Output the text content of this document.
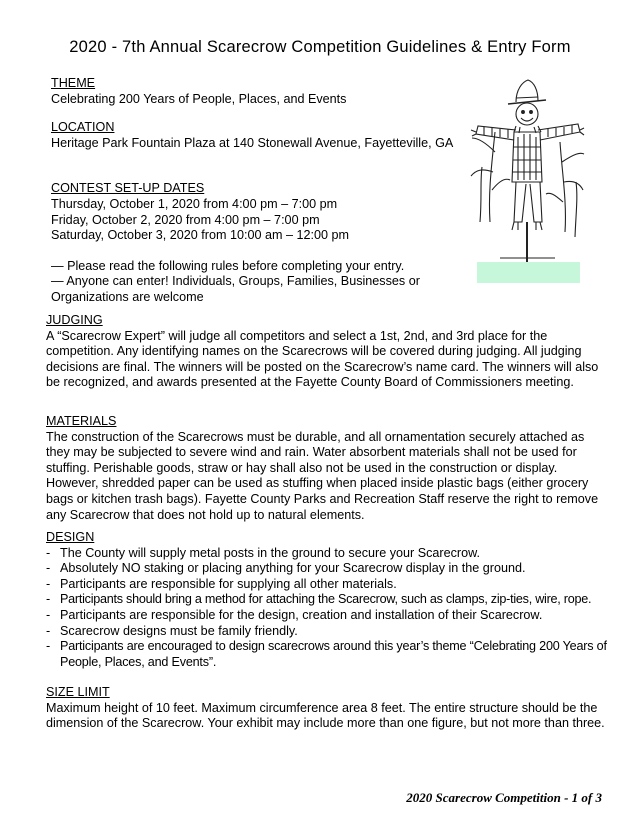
2020 - 7th Annual Scarecrow Competition Guidelines & Entry Form
THEME
Celebrating 200 Years of People, Places, and Events
LOCATION
Heritage Park Fountain Plaza at 140 Stonewall Avenue, Fayetteville, GA
CONTEST SET-UP DATES
Thursday, October 1, 2020 from 4:00 pm – 7:00 pm
Friday, October 2, 2020 from 4:00 pm – 7:00 pm
Saturday, October 3, 2020 from 10:00 am – 12:00 pm
— Please read the following rules before completing your entry.
— Anyone can enter! Individuals, Groups, Families, Businesses or
Organizations are welcome
JUDGING

A “Scarecrow Expert” will judge all competitors and select a 1st, 2nd, and 3rd place for the competition. Any identifying names on the Scarecrows will be covered during judging. All judging decisions are final. The winners will be posted on the Scarecrow’s name card. The winners will also be recognized, and awards presented at the Fayette County Board of Commissioners meeting.

MATERIALS

The construction of the Scarecrows must be durable, and all ornamentation securely attached as they may be subjected to severe wind and rain. Water absorbent materials shall not be used for stuffing. Perishable goods, straw or hay shall also not be used in the construction or display. However, shredded paper can be used as stuffing when placed inside plastic bags (either grocery bags or kitchen trash bags). Fayette County Parks and Recreation Staff reserve the right to remove any Scarecrow that does not hold up to natural elements.

DESIGN
- The County will supply metal posts in the ground to secure your Scarecrow.
- Absolutely NO staking or placing anything for your Scarecrow display in the ground.
- Participants are responsible for supplying all other materials.
- Participants should bring a method for attaching the Scarecrow, such as clamps, zip-ties, wire, rope.
- Participants are responsible for the design, creation and installation of their Scarecrow.
- Scarecrow designs must be family friendly.
- Participants are encouraged to design scarecrows around this year’s theme “Celebrating 200 Years of People, Places, and Events”.
SIZE LIMIT

Maximum height of 10 feet. Maximum circumference area 8 feet. The entire structure should be the dimension of the Scarecrow. Your exhibit may include more than one figure, but not more than three.

2020 Scarecrow Competition - 1 of 3
